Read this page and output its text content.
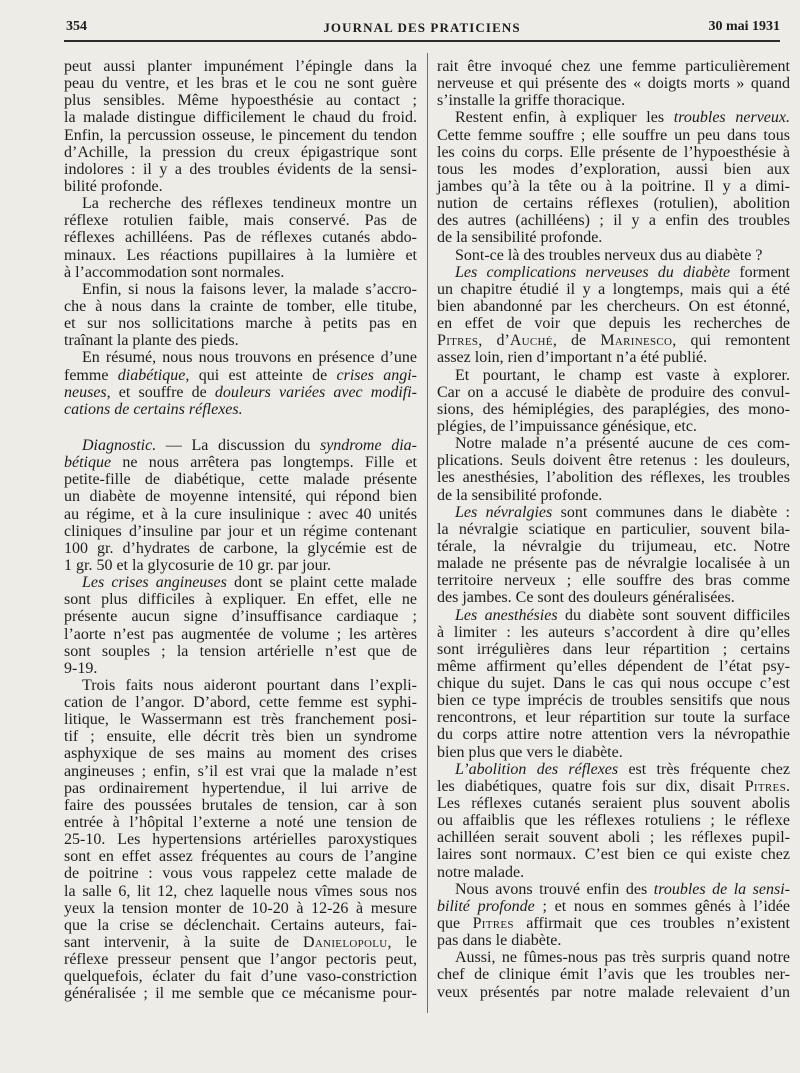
354	JOURNAL DES PRATICIENS	30 mai 1931
peut aussi planter impunément l’épingle dans la
peau du ventre, et les bras et le cou ne sont guère
plus sensibles. Même hypoesthésie au contact ;
la malade distingue difficilement le chaud du froid.
Enfin, la percussion osseuse, le pincement du tendon
d’Achille, la pression du creux épigastrique sont
indolores : il y a des troubles évidents de la sensi-
bilité profonde.
La recherche des réflexes tendineux montre un
réflexe rotulien faible, mais conservé. Pas de
réflexes achilléens. Pas de réflexes cutanés abdo-
minaux. Les réactions pupillaires à la lumière et
à l’accommodation sont normales.
Enfin, si nous la faisons lever, la malade s’accro-
che à nous dans la crainte de tomber, elle titube,
et sur nos sollicitations marche à petits pas en
traînant la plante des pieds.
En résumé, nous nous trouvons en présence d’une
femme diabétique, qui est atteinte de crises angi-
neuses, et souffre de douleurs variées avec modifi-
cations de certains réflexes.
Diagnostic. — La discussion du syndrome dia-
bétique ne nous arrêtera pas longtemps. Fille et
petite-fille de diabétique, cette malade présente
un diabète de moyenne intensité, qui répond bien
au régime, et à la cure insulinique : avec 40 unités
cliniques d’insuline par jour et un régime contenant
100 gr. d’hydrates de carbone, la glycémie est de
1 gr. 50 et la glycosurie de 10 gr. par jour.
Les crises angineuses dont se plaint cette malade
sont plus difficiles à expliquer. En effet, elle ne
présente aucun signe d’insuffisance cardiaque ;
l’aorte n’est pas augmentée de volume ; les artères
sont souples ; la tension artérielle n’est que de
9-19.
Trois faits nous aideront pourtant dans l’expli-
cation de l’angor. D’abord, cette femme est syphi-
litique, le Wassermann est très franchement posi-
tif ; ensuite, elle décrit très bien un syndrome
asphyxique de ses mains au moment des crises
angineuses ; enfin, s’il est vrai que la malade n’est
pas ordinairement hypertendue, il lui arrive de
faire des poussées brutales de tension, car à son
entrée à l’hôpital l’externe a noté une tension de
25-10. Les hypertensions artérielles paroxystiques
sont en effet assez fréquentes au cours de l’angine
de poitrine : vous vous rappelez cette malade de
la salle 6, lit 12, chez laquelle nous vîmes sous nos
yeux la tension monter de 10-20 à 12-26 à mesure
que la crise se déclenchait. Certains auteurs, fai-
sant intervenir, à la suite de Danielopolu, le
réflexe presseur pensent que l’angor pectoris peut,
quelquefois, éclater du fait d’une vaso-constriction
généralisée ; il me semble que ce mécanisme pour-
rait être invoqué chez une femme particulièrement
nerveuse et qui présente des « doigts morts » quand
s’installe la griffe thoracique.
Restent enfin, à expliquer les troubles nerveux.
Cette femme souffre ; elle souffre un peu dans tous
les coins du corps. Elle présente de l’hypoesthésie à
tous les modes d’exploration, aussi bien aux
jambes qu’à la tête ou à la poitrine. Il y a dimi-
nution de certains réflexes (rotulien), abolition
des autres (achilléens) ; il y a enfin des troubles
de la sensibilité profonde.
Sont-ce là des troubles nerveux dus au diabète ?
Les complications nerveuses du diabète forment
un chapitre étudié il y a longtemps, mais qui a été
bien abandonné par les chercheurs. On est étonné,
en effet de voir que depuis les recherches de
Pitres, d’Auché, de Marinesco, qui remontent
assez loin, rien d’important n’a été publié.
Et pourtant, le champ est vaste à explorer.
Car on a accusé le diabète de produire des convul-
sions, des hémiplégies, des paraplégies, des mono-
plégies, de l’impuissance génésique, etc.
Notre malade n’a présenté aucune de ces com-
plications. Seuls doivent être retenus : les douleurs,
les anesthésies, l’abolition des réflexes, les troubles
de la sensibilité profonde.
Les névralgies sont communes dans le diabète :
la névralgie sciatique en particulier, souvent bila-
térale, la névralgie du trijumeau, etc. Notre
malade ne présente pas de névralgie localisée à un
territoire nerveux ; elle souffre des bras comme
des jambes. Ce sont des douleurs généralisées.
Les anesthésies du diabète sont souvent difficiles
à limiter : les auteurs s’accordent à dire qu’elles
sont irrégulières dans leur répartition ; certains
même affirment qu’elles dépendent de l’état psy-
chique du sujet. Dans le cas qui nous occupe c’est
bien ce type imprécis de troubles sensitifs que nous
rencontrons, et leur répartition sur toute la surface
du corps attire notre attention vers la névropathie
bien plus que vers le diabète.
L’abolition des réflexes est très fréquente chez
les diabétiques, quatre fois sur dix, disait Pitres.
Les réflexes cutanés seraient plus souvent abolis
ou affaiblis que les réflexes rotuliens ; le réflexe
achilléen serait souvent aboli ; les réflexes pupil-
laires sont normaux. C’est bien ce qui existe chez
notre malade.
Nous avons trouvé enfin des troubles de la sensi-
bilité profonde ; et nous en sommes gênés à l’idée
que Pitres affirmait que ces troubles n’existent
pas dans le diabète.
Aussi, ne fûmes-nous pas très surpris quand notre
chef de clinique émit l’avis que les troubles ner-
veux présentés par notre malade relevaient d’un
